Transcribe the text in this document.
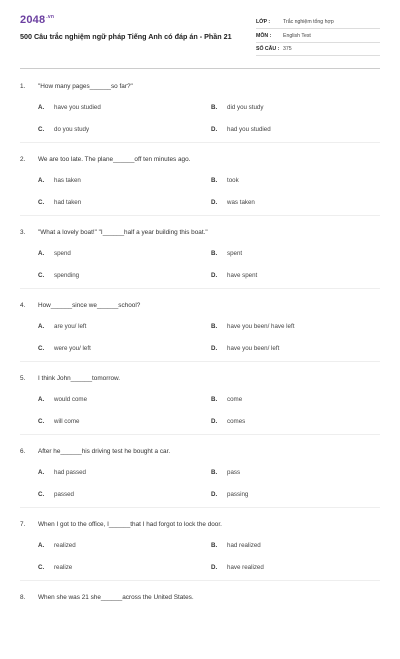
$2048^{.vn}$
500 Câu trắc nghiệm ngữ pháp Tiếng Anh có đáp án - Phần 21
LỚP :	Trắc nghiệm tổng hợp
MÔN :	English Test
SỐ CÂU : 375
1.	"How many pages______so far?"
A.	have you studied	B.	did you study
C.	do you study	D.	had you studied
2.	We are too late. The plane______off ten minutes ago.
A.	has taken	B.	took
C.	had taken	D.	was taken
3.	"What a lovely boat!" "I______half a year building this boat."
A.	spend	B.	spent
C.	spending	D.	have spent
4.	How______since we______school?
A.	are you/ left	B.	have you been/ have left
C.	were you/ left	D.	have you been/ left
5.	I think John______tomorrow.
A.	would come	B.	come
C.	will come	D.	comes
6.	After he______his driving test he bought a car.
A.	had passed	B.	pass
C.	passed	D.	passing
7.	When I got to the office, I______that I had forgot to lock the door.
A.	realized	B.	had realized
C.	realize	D.	have realized
8.	When she was 21 she______across the United States.
